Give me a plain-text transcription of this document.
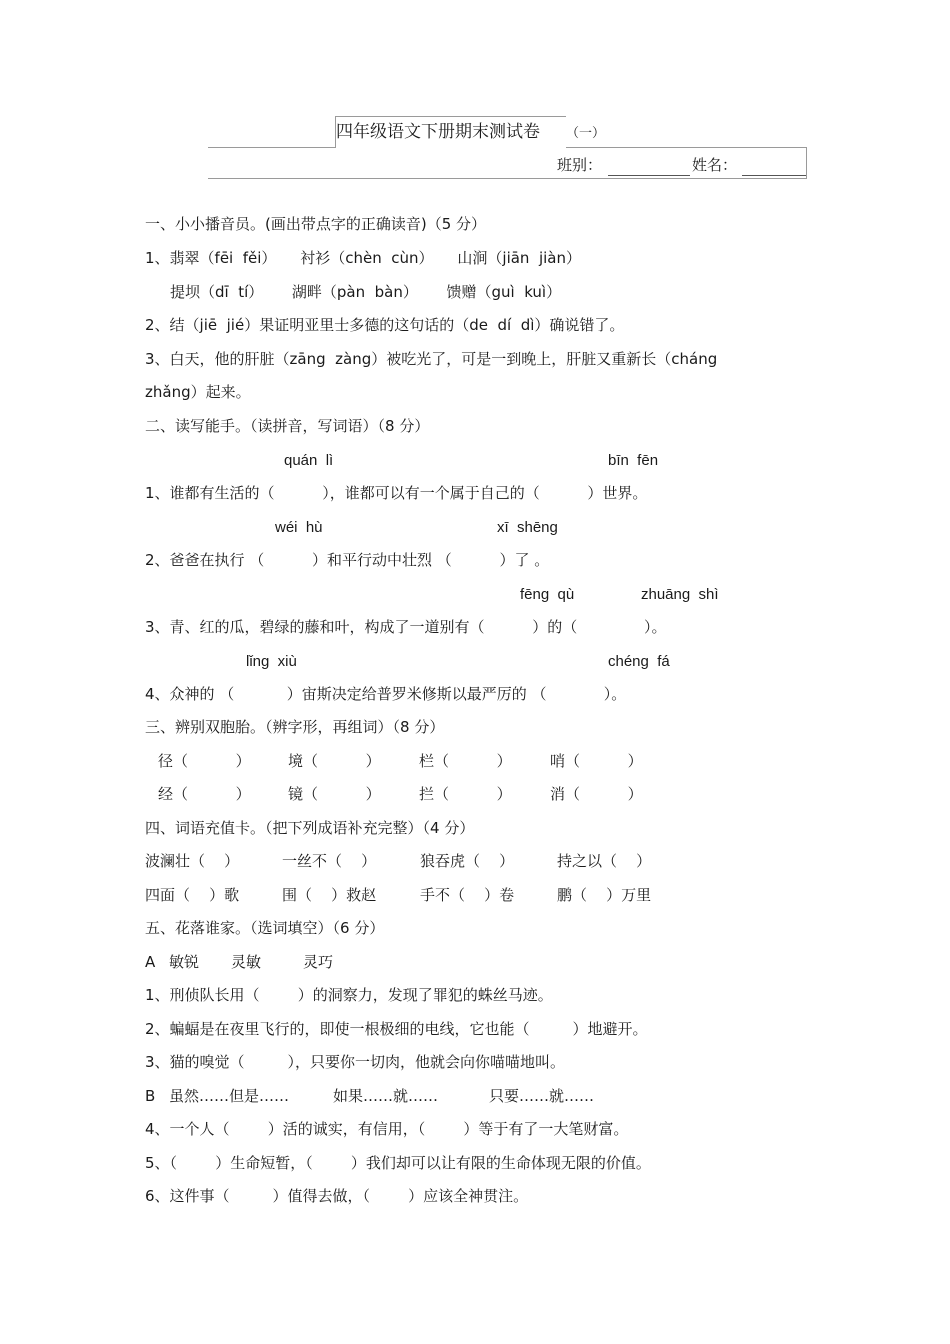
四年级语文下册期末测试卷 （一）
班别：	姓名：
一、小小播音员。(画出带点字的正确读音)（5 分）
1、翡翠（fēi  fěi）     衬衫（chèn  cùn）     山涧（jiān  jiàn）
提坝（dī  tí）      湖畔（pàn  bàn）      馈赠（guì  kuì）
2、结（jiē  jié）果证明亚里士多德的这句话的（de  dí  dì）确说错了。
3、白天，他的肝脏（zāng  zàng）被吃光了，可是一到晚上，肝脏又重新长（cháng
zhǎng）起来。
二、读写能手。（读拼音，写词语）（8 分）
quán  lì	bīn  fēn
1、谁都有生活的（          ），谁都可以有一个属于自己的（          ）世界。
wéi  hù	xī  shēng
2、爸爸在执行 （          ）和平行动中壮烈 （          ）了 。
fēng  qù	zhuāng  shì
3、青、红的瓜，碧绿的藤和叶，构成了一道别有（          ）的（              ）。
lǐng  xiù	chéng  fá
4、众神的 （           ）宙斯决定给普罗米修斯以最严厉的 （            ）。
三、辨别双胞胎。（辨字形，再组词）（8 分）
径（          ） 境（          ）	栏（          ）	哨（          ）
经（          ） 镜（          ）	拦（          ）	消（          ）
四、词语充值卡。（把下列成语补充完整）（4 分）
波澜壮（    ）	一丝不（    ）	狼吞虎（    ）	持之以（    ）
四面（    ）歌	围（    ）救赵	手不（    ）卷	鹏（    ）万里
五、花落谁家。（选词填空）（6 分）
A 敏锐 灵敏	灵巧
1、刑侦队长用（        ）的洞察力，发现了罪犯的蛛丝马迹。
2、蝙蝠是在夜里飞行的，即使一根极细的电线，它也能（         ）地避开。
3、猫的嗅觉（         ），只要你一切肉，他就会向你喵喵地叫。
B 虽然……但是……	如果……就……	只要……就……
4、一个人（        ）活的诚实，有信用，（        ）等于有了一大笔财富。
5、（        ）生命短暂，（        ）我们却可以让有限的生命体现无限的价值。
6、这件事（         ）值得去做，（        ）应该全神贯注。
